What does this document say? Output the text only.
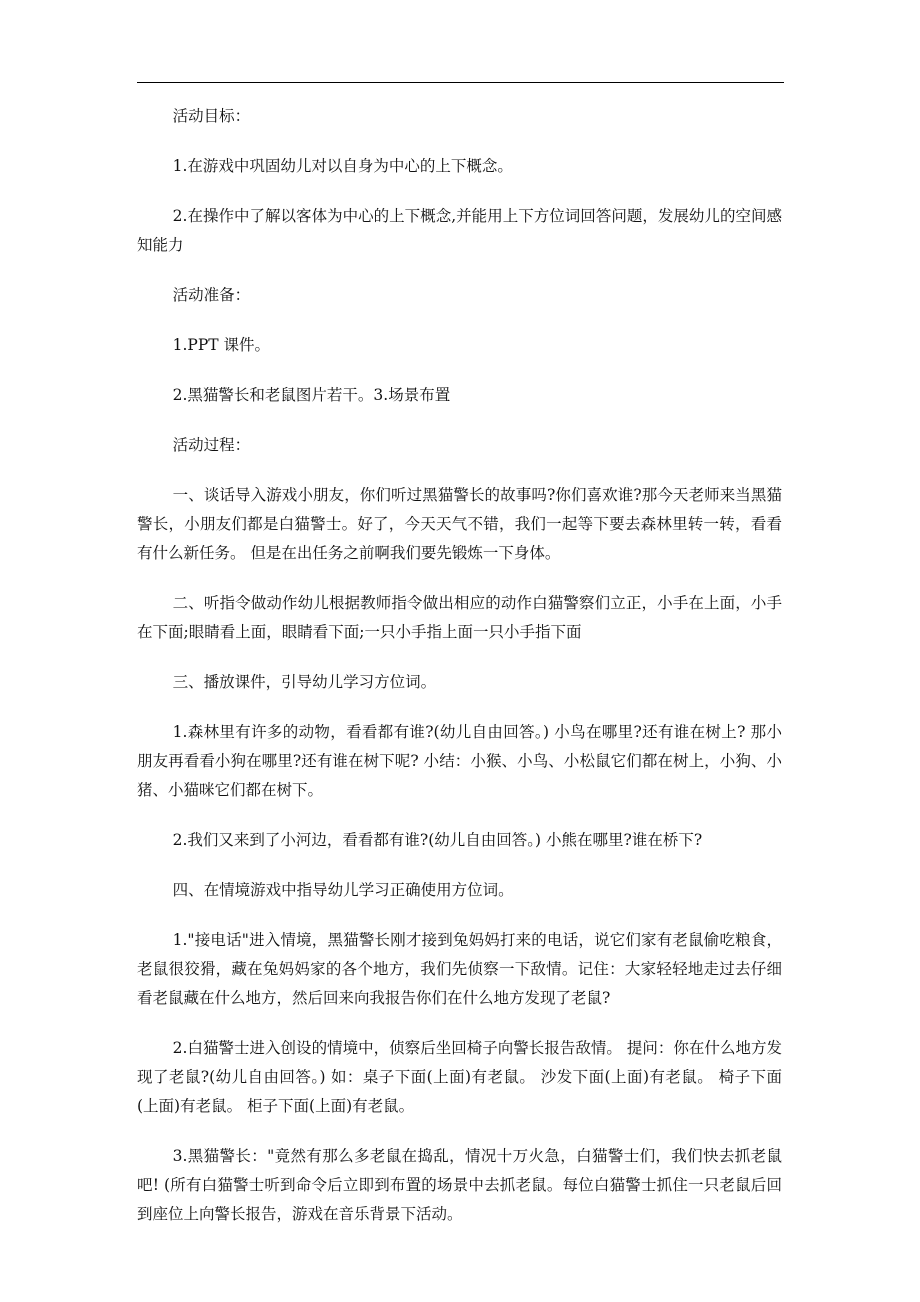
活动目标：

1.在游戏中巩固幼儿对以自身为中心的上下概念。

2.在操作中了解以客体为中心的上下概念,并能用上下方位词回答问题，发展幼儿的空间感知能力

活动准备：

1.PPT 课件。

2.黑猫警长和老鼠图片若干。3.场景布置

活动过程：

一、谈话导入游戏小朋友，你们听过黑猫警长的故事吗?你们喜欢谁?那今天老师来当黑猫警长，小朋友们都是白猫警士。好了，今天天气不错，我们一起等下要去森林里转一转，看看有什么新任务。 但是在出任务之前啊我们要先锻炼一下身体。

二、听指令做动作幼儿根据教师指令做出相应的动作白猫警察们立正，小手在上面，小手在下面;眼睛看上面，眼睛看下面;一只小手指上面一只小手指下面

三、播放课件，引导幼儿学习方位词。

1.森林里有许多的动物，看看都有谁?(幼儿自由回答。) 小鸟在哪里?还有谁在树上? 那小朋友再看看小狗在哪里?还有谁在树下呢? 小结：小猴、小鸟、小松鼠它们都在树上，小狗、小猪、小猫咪它们都在树下。

2.我们又来到了小河边，看看都有谁?(幼儿自由回答。) 小熊在哪里?谁在桥下?

四、在情境游戏中指导幼儿学习正确使用方位词。

1."接电话"进入情境，黑猫警长刚才接到兔妈妈打来的电话，说它们家有老鼠偷吃粮食，老鼠很狡猾，藏在兔妈妈家的各个地方，我们先侦察一下敌情。记住：大家轻轻地走过去仔细看老鼠藏在什么地方，然后回来向我报告你们在什么地方发现了老鼠?

2.白猫警士进入创设的情境中，侦察后坐回椅子向警长报告敌情。 提问：你在什么地方发现了老鼠?(幼儿自由回答。) 如：桌子下面(上面)有老鼠。 沙发下面(上面)有老鼠。 椅子下面(上面)有老鼠。 柜子下面(上面)有老鼠。

3.黑猫警长："竟然有那么多老鼠在捣乱，情况十万火急，白猫警士们，我们快去抓老鼠吧! (所有白猫警士听到命令后立即到布置的场景中去抓老鼠。每位白猫警士抓住一只老鼠后回到座位上向警长报告，游戏在音乐背景下活动。
